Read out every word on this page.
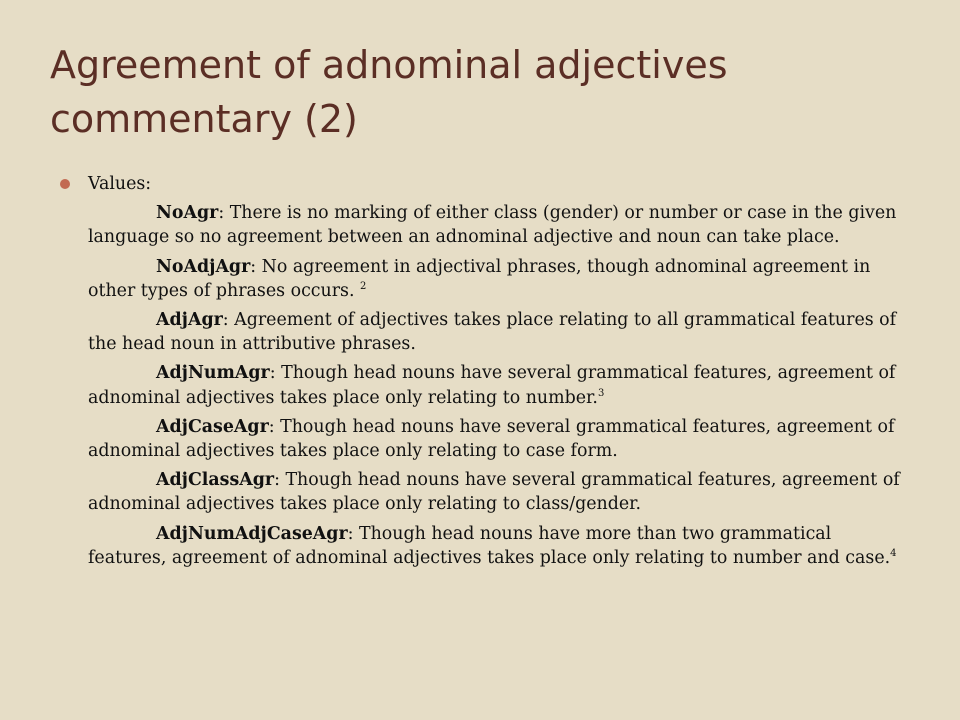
Agreement of adnominal adjectives
commentary (2)
Values:
NoAgr: There is no marking of either class (gender) or number or case in the given language so no agreement between an adnominal adjective and noun can take place.
NoAdjAgr: No agreement in adjectival phrases, though adnominal agreement in other types of phrases occurs. $^2$
AdjAgr: Agreement of adjectives takes place relating to all grammatical features of the head noun in attributive phrases.
AdjNumAgr: Though head nouns have several grammatical features, agreement of adnominal adjectives takes place only relating to number.$^3$
AdjCaseAgr: Though head nouns have several grammatical features, agreement of adnominal adjectives takes place only relating to case form.
AdjClassAgr: Though head nouns have several grammatical features, agreement of adnominal adjectives takes place only relating to class/gender.
AdjNumAdjCaseAgr: Though head nouns have more than two grammatical features, agreement of adnominal adjectives takes place only relating to number and case.$^4$
